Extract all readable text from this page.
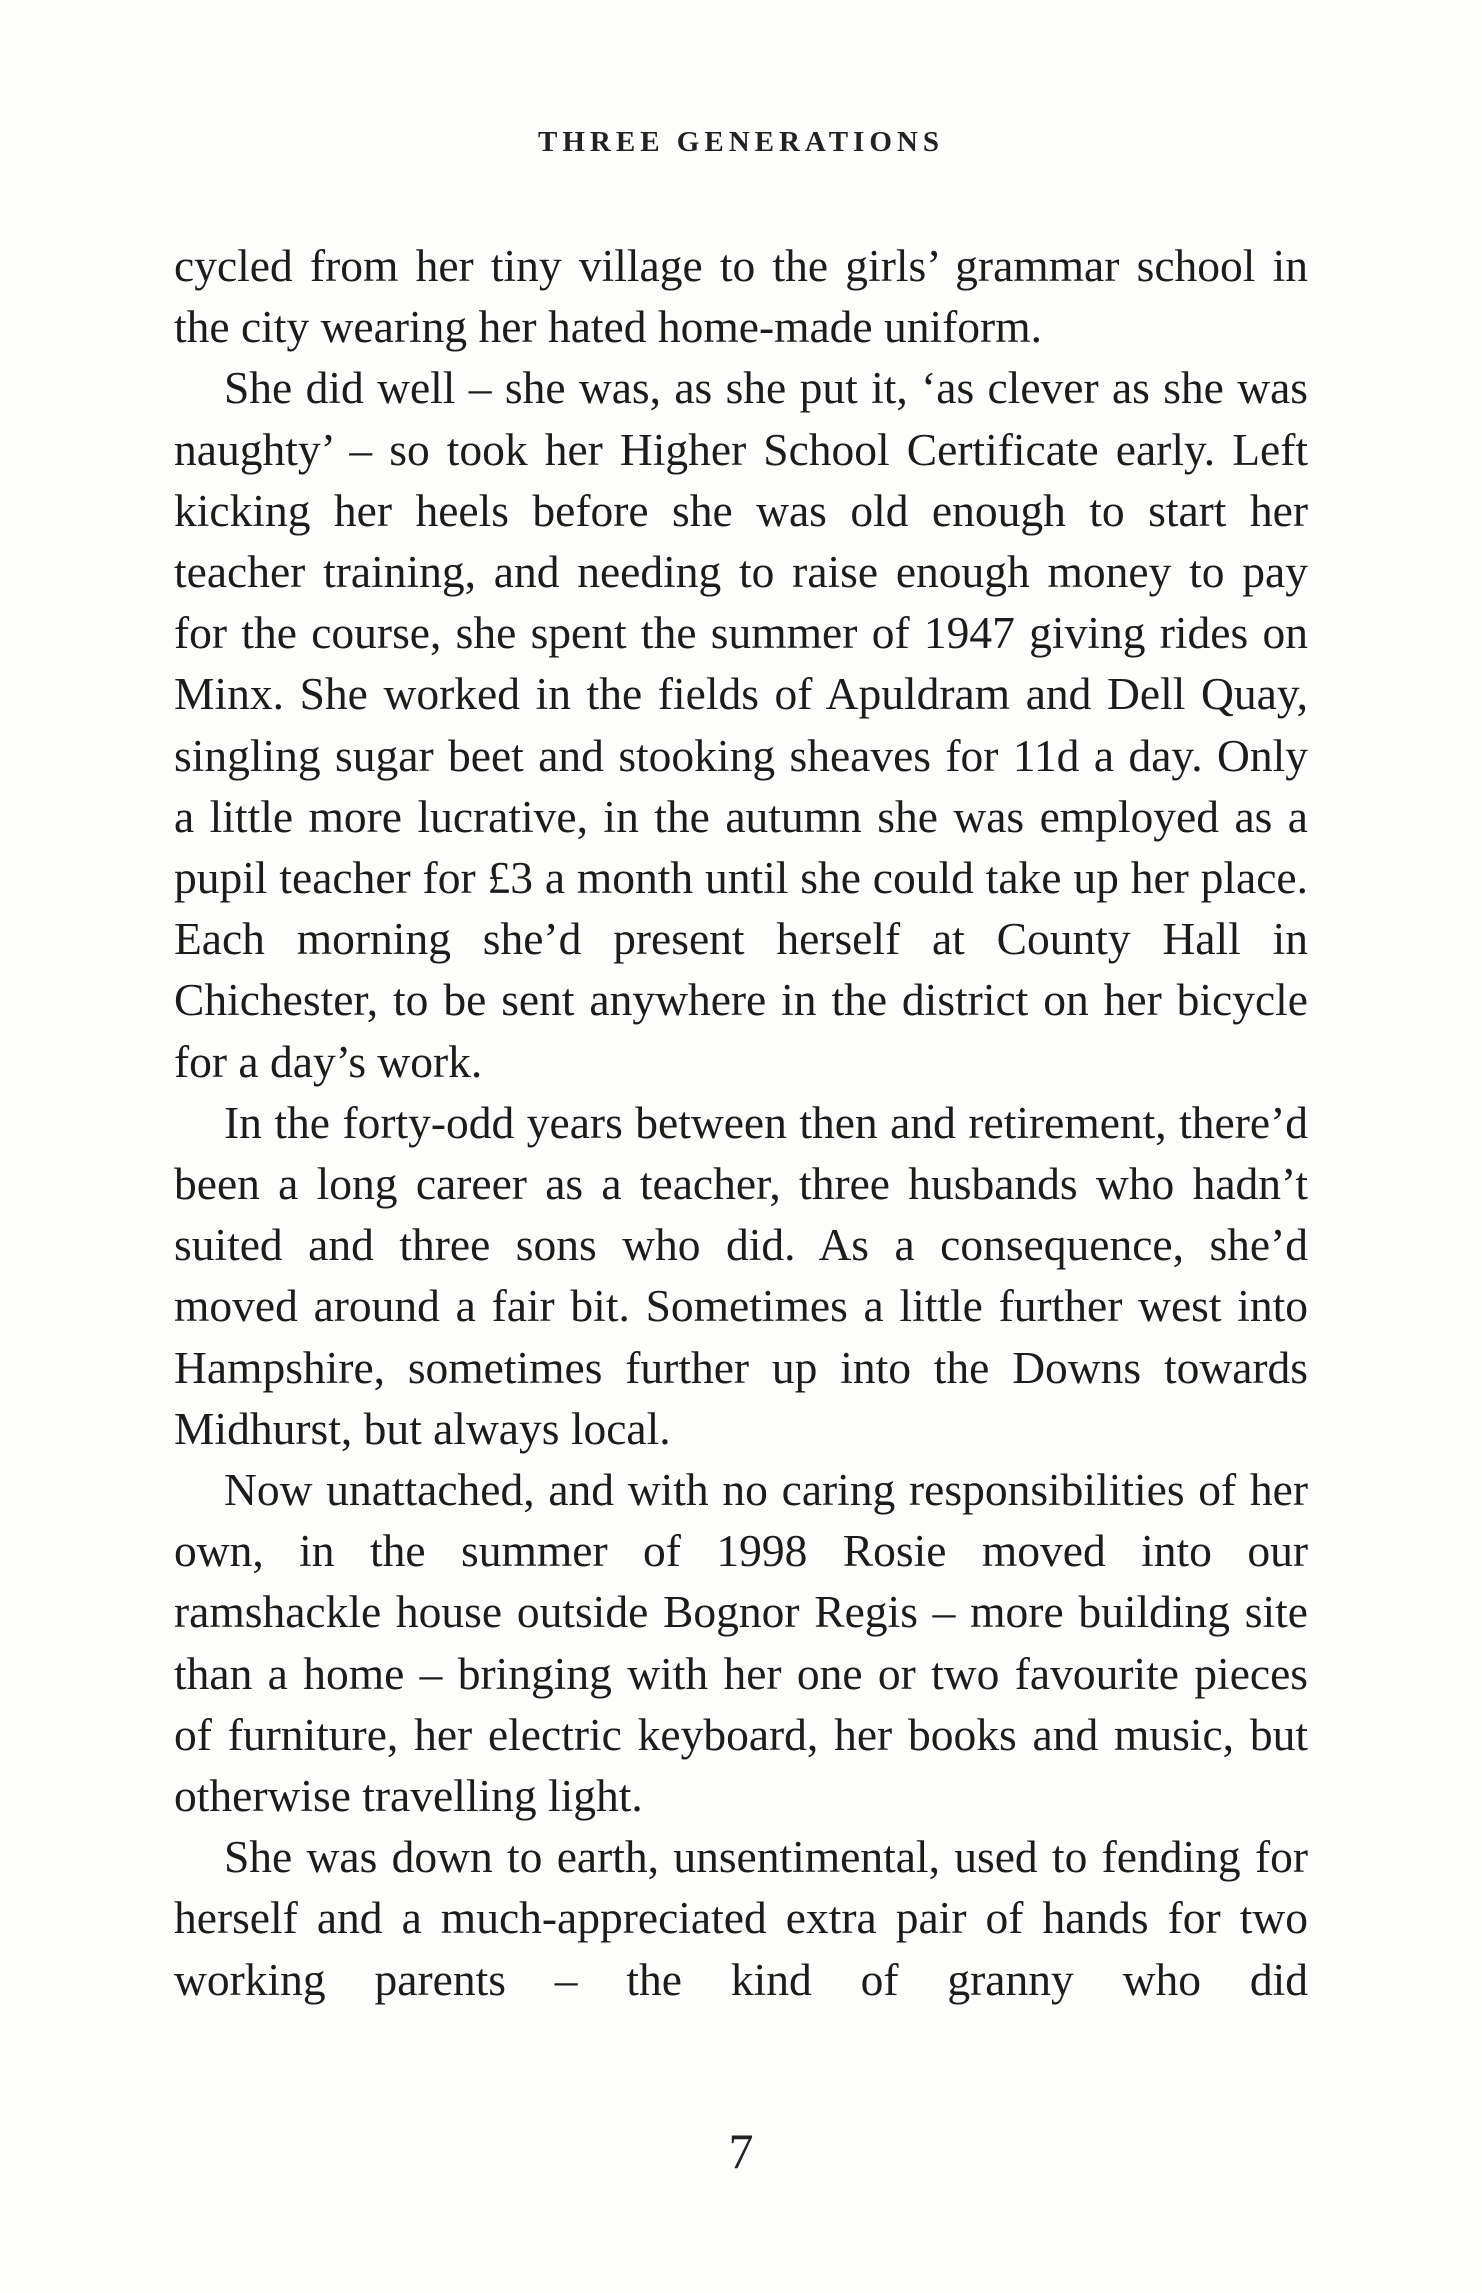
THREE GENERATIONS

cycled from her tiny village to the girls’ grammar school in the city wearing her hated home-made uniform.

She did well – she was, as she put it, ‘as clever as she was naughty’ – so took her Higher School Certificate early. Left kicking her heels before she was old enough to start her teacher training, and needing to raise enough money to pay for the course, she spent the summer of 1947 giving rides on Minx. She worked in the fields of Apuldram and Dell Quay, singling sugar beet and stooking sheaves for 11d a day. Only a little more lucrative, in the autumn she was employed as a pupil teacher for £3 a month until she could take up her place. Each morning she’d present herself at County Hall in Chichester, to be sent anywhere in the district on her bicycle for a day’s work.

In the forty-odd years between then and retirement, there’d been a long career as a teacher, three husbands who hadn’t suited and three sons who did. As a consequence, she’d moved around a fair bit. Sometimes a little further west into Hampshire, sometimes further up into the Downs towards Midhurst, but always local.

Now unattached, and with no caring responsibilities of her own, in the summer of 1998 Rosie moved into our ramshackle house outside Bognor Regis – more building site than a home – bringing with her one or two favourite pieces of furniture, her electric keyboard, her books and music, but otherwise travelling light.

She was down to earth, unsentimental, used to fending for herself and a much-appreciated extra pair of hands for two working parents – the kind of granny who did

7
